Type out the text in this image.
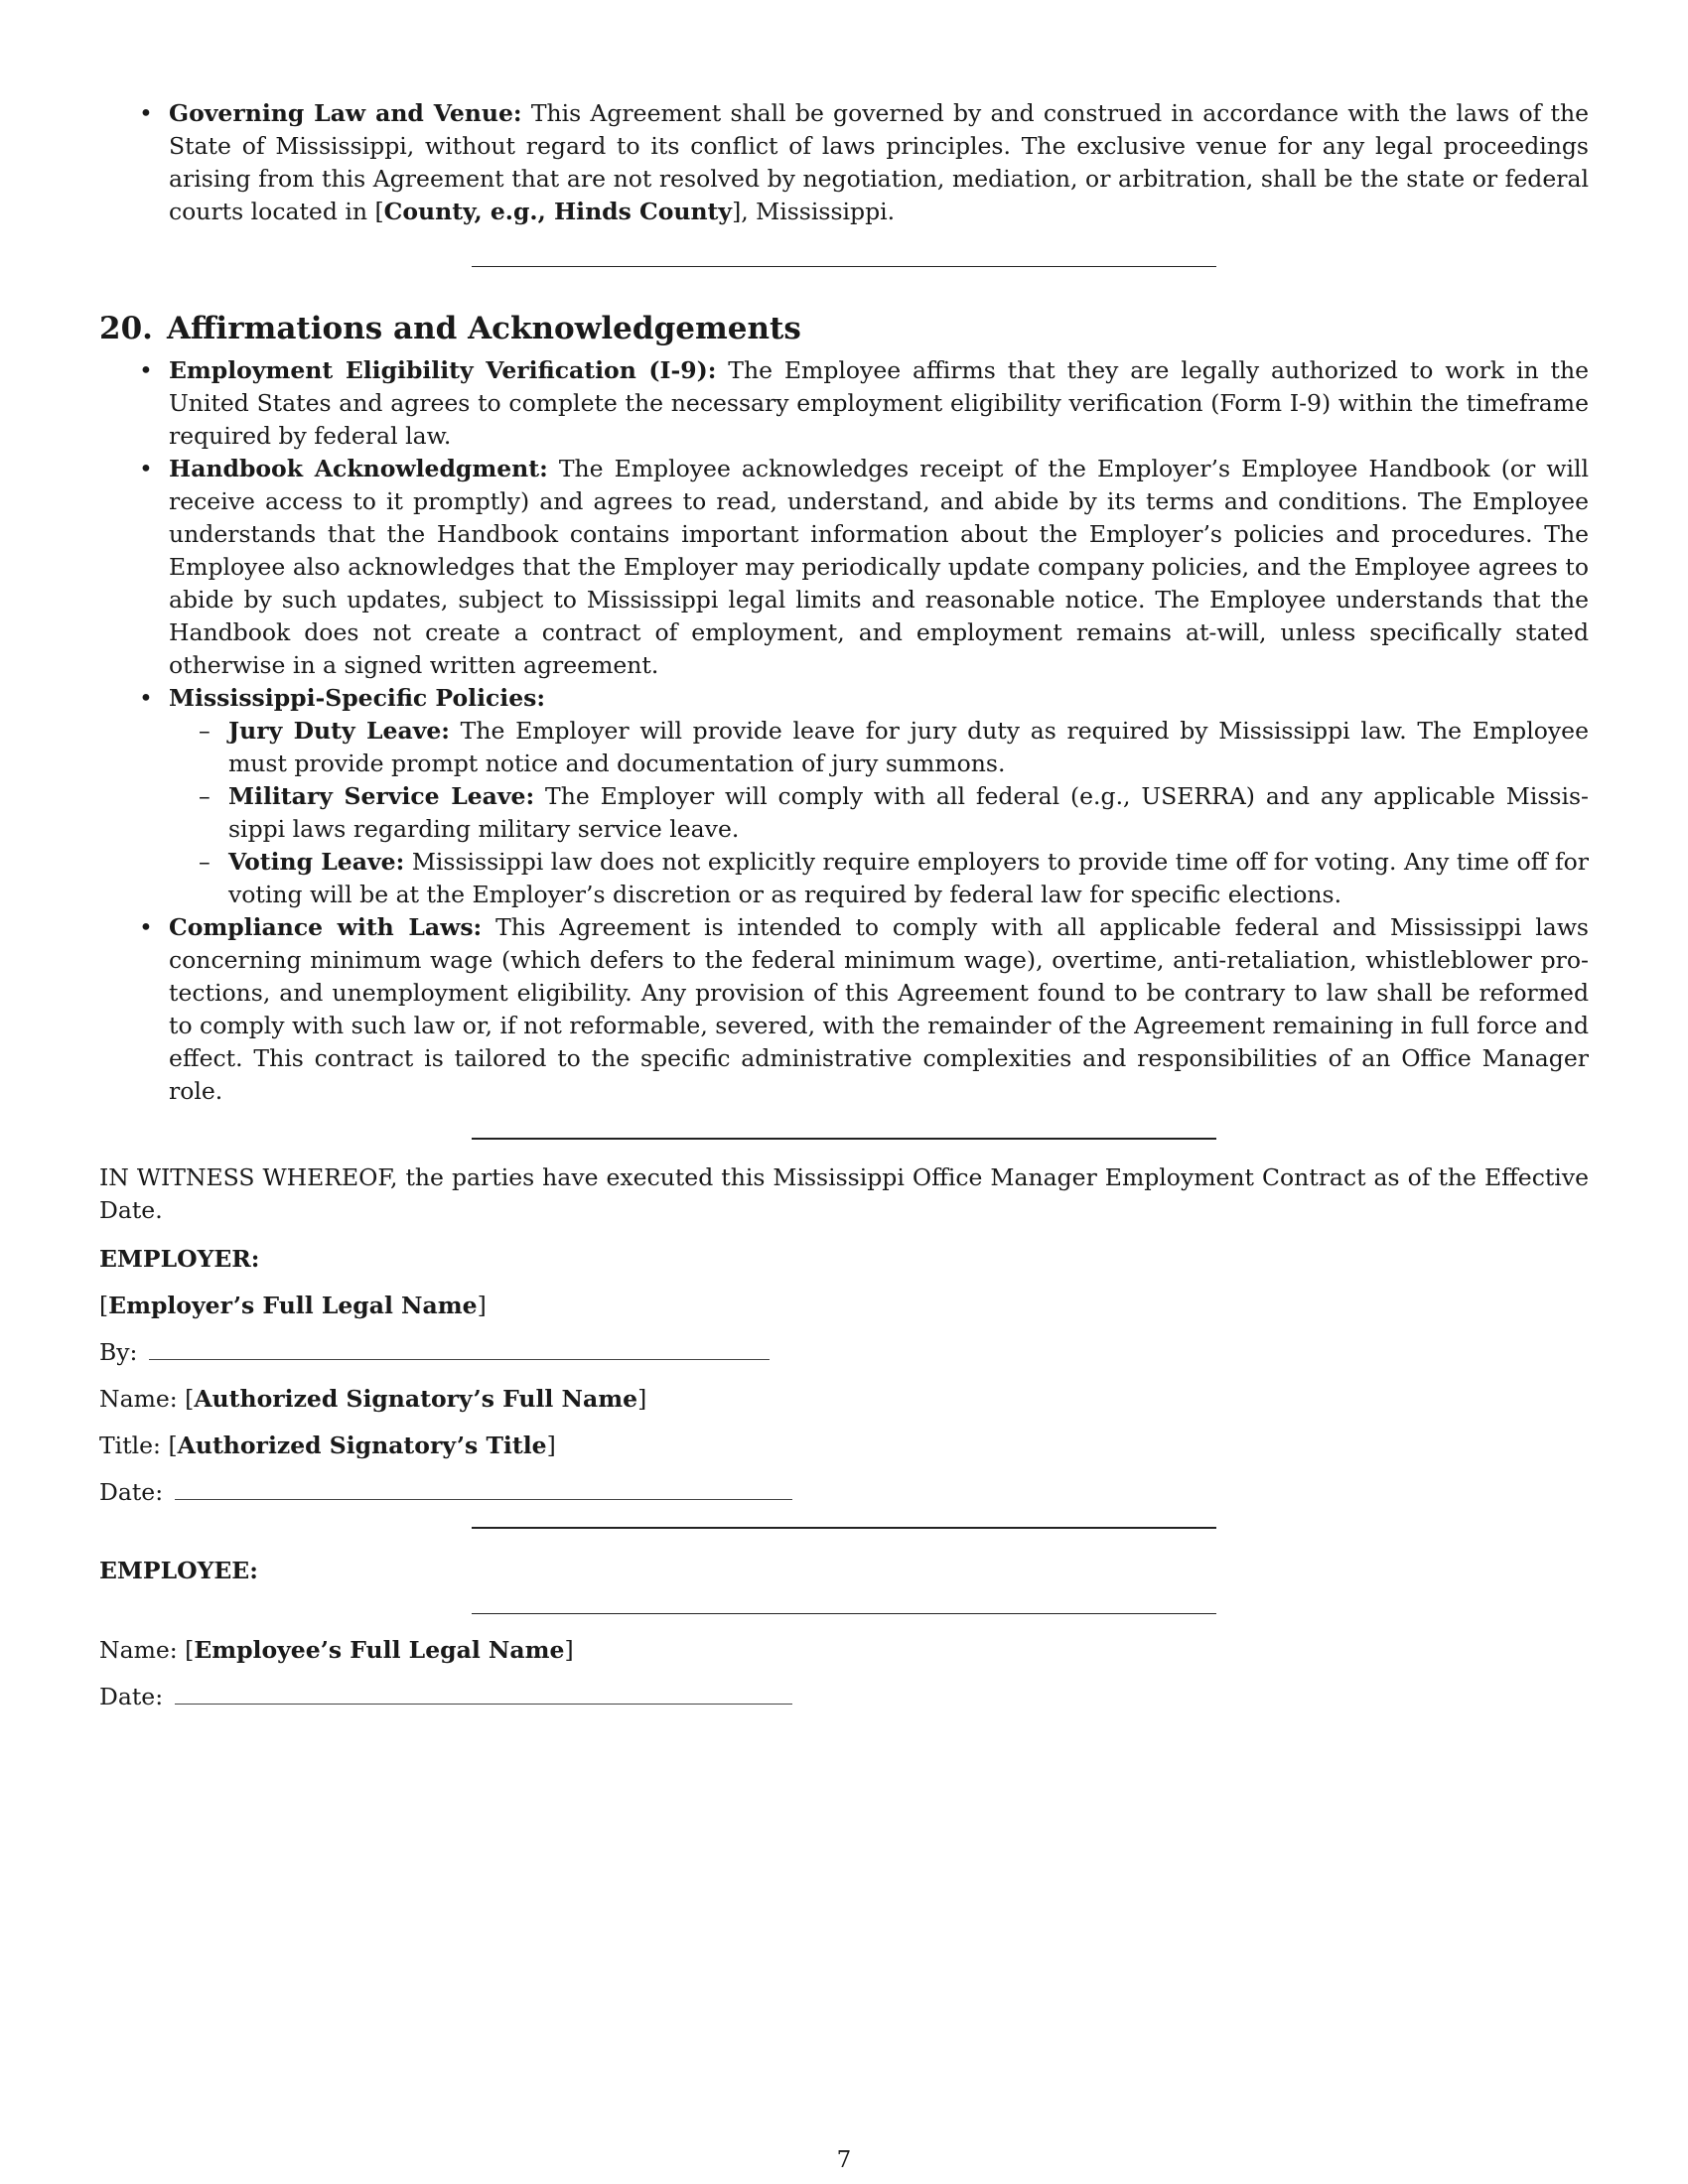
• Governing Law and Venue: This Agreement shall be governed by and construed in accordance with the laws of the State of Mississippi, without regard to its conflict of laws principles. The exclusive venue for any legal proceedings arising from this Agreement that are not resolved by negotiation, mediation, or arbitration, shall be the state or federal courts located in [County, e.g., Hinds County], Mississippi.
20. Affirmations and Acknowledgements
• Employment Eligibility Verification (I-9): The Employee affirms that they are legally authorized to work in the United States and agrees to complete the necessary employment eligibility verification (Form I-9) within the timeframe required by federal law.
• Handbook Acknowledgment: The Employee acknowledges receipt of the Employer’s Employee Handbook (or will receive access to it promptly) and agrees to read, understand, and abide by its terms and conditions. The Employee understands that the Handbook contains important information about the Employer’s policies and procedures. The Employee also acknowledges that the Employer may periodically update company policies, and the Employee agrees to abide by such updates, subject to Mississippi legal limits and reasonable notice. The Employee understands that the Handbook does not create a contract of employment, and employment remains at-will, unless specifically stated otherwise in a signed written agreement.
• Mississippi-Specific Policies:
– Jury Duty Leave: The Employer will provide leave for jury duty as required by Mississippi law. The Employee must provide prompt notice and documentation of jury summons.
– Military Service Leave: The Employer will comply with all federal (e.g., USERRA) and any applicable Missis- sippi laws regarding military service leave.
– Voting Leave: Mississippi law does not explicitly require employers to provide time off for voting. Any time off for voting will be at the Employer’s discretion or as required by federal law for specific elections.
• Compliance with Laws: This Agreement is intended to comply with all applicable federal and Mississippi laws concerning minimum wage (which defers to the federal minimum wage), overtime, anti-retaliation, whistleblower pro- tections, and unemployment eligibility. Any provision of this Agreement found to be contrary to law shall be reformed to comply with such law or, if not reformable, severed, with the remainder of the Agreement remaining in full force and effect. This contract is tailored to the specific administrative complexities and responsibilities of an Office Manager role.

IN WITNESS WHEREOF, the parties have executed this Mississippi Office Manager Employment Contract as of the Effective Date.

EMPLOYER:

[Employer’s Full Legal Name]

By:

Name: [Authorized Signatory’s Full Name]

Title: [Authorized Signatory’s Title]

Date:

EMPLOYEE:

Name: [Employee’s Full Legal Name]

Date:

7
